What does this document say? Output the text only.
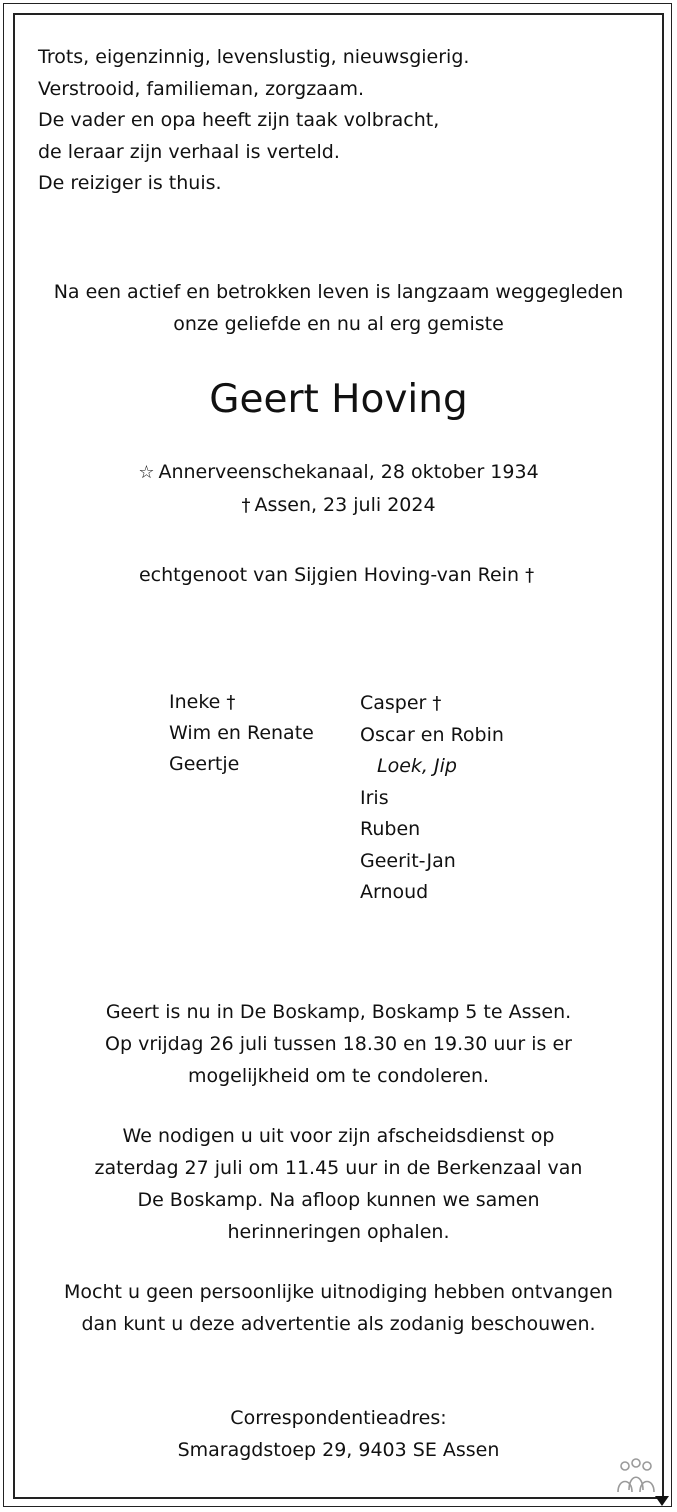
Trots, eigenzinnig, levenslustig, nieuwsgierig.
Verstrooid, familieman, zorgzaam.
De vader en opa heeft zijn taak volbracht,
de leraar zijn verhaal is verteld.
De reiziger is thuis.
Na een actief en betrokken leven is langzaam weggegleden
onze geliefde en nu al erg gemiste
Geert Hoving
☆ Annerveenschekanaal, 28 oktober 1934
† Assen, 23 juli 2024
echtgenoot van Sijgien Hoving-van Rein †
Ineke †
Wim en Renate
Geertje
Casper †
Oscar en Robin
Loek, Jip
Iris
Ruben
Geerit-Jan
Arnoud
Geert is nu in De Boskamp, Boskamp 5 te Assen.
Op vrijdag 26 juli tussen 18.30 en 19.30 uur is er
mogelijkheid om te condoleren.
We nodigen u uit voor zijn afscheidsdienst op
zaterdag 27 juli om 11.45 uur in de Berkenzaal van
De Boskamp. Na afloop kunnen we samen
herinneringen ophalen.
Mocht u geen persoonlijke uitnodiging hebben ontvangen
dan kunt u deze advertentie als zodanig beschouwen.
Correspondentieadres:
Smaragdstoep 29, 9403 SE Assen
